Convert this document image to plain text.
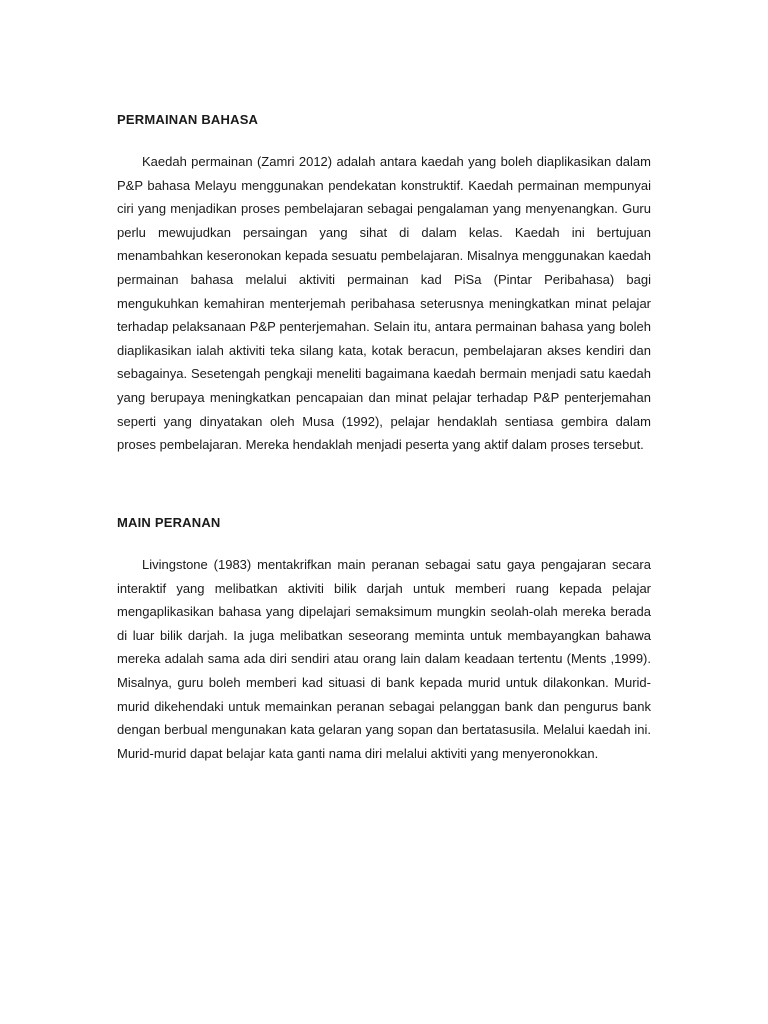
PERMAINAN BAHASA

Kaedah permainan (Zamri 2012) adalah antara kaedah yang boleh diaplikasikan dalam P&P bahasa Melayu menggunakan pendekatan konstruktif. Kaedah permainan mempunyai ciri yang menjadikan proses pembelajaran sebagai pengalaman yang menyenangkan. Guru perlu mewujudkan persaingan yang sihat di dalam kelas. Kaedah ini bertujuan menambahkan keseronokan kepada sesuatu pembelajaran. Misalnya menggunakan kaedah permainan bahasa melalui aktiviti permainan kad PiSa (Pintar Peribahasa) bagi mengukuhkan kemahiran menterjemah peribahasa seterusnya meningkatkan minat pelajar terhadap pelaksanaan P&P penterjemahan. Selain itu, antara permainan bahasa yang boleh diaplikasikan ialah aktiviti teka silang kata, kotak beracun, pembelajaran akses kendiri dan sebagainya. Sesetengah pengkaji meneliti bagaimana kaedah bermain menjadi satu kaedah yang berupaya meningkatkan pencapaian dan minat pelajar terhadap P&P penterjemahan seperti yang dinyatakan oleh Musa (1992), pelajar hendaklah sentiasa gembira dalam proses pembelajaran. Mereka hendaklah menjadi peserta yang aktif dalam proses tersebut.

MAIN PERANAN

Livingstone (1983) mentakrifkan main peranan sebagai satu gaya pengajaran secara interaktif yang melibatkan aktiviti bilik darjah untuk memberi ruang kepada pelajar mengaplikasikan bahasa yang dipelajari semaksimum mungkin seolah-olah mereka berada di luar bilik darjah. Ia juga melibatkan seseorang meminta untuk membayangkan bahawa mereka adalah sama ada diri sendiri atau orang lain dalam keadaan tertentu (Ments ,1999). Misalnya, guru boleh memberi kad situasi di bank kepada murid untuk dilakonkan. Murid-murid dikehendaki untuk memainkan peranan sebagai pelanggan bank dan pengurus bank dengan berbual mengunakan kata gelaran yang sopan dan bertatasusila. Melalui kaedah ini. Murid-murid dapat belajar kata ganti nama diri melalui aktiviti yang menyeronokkan.
